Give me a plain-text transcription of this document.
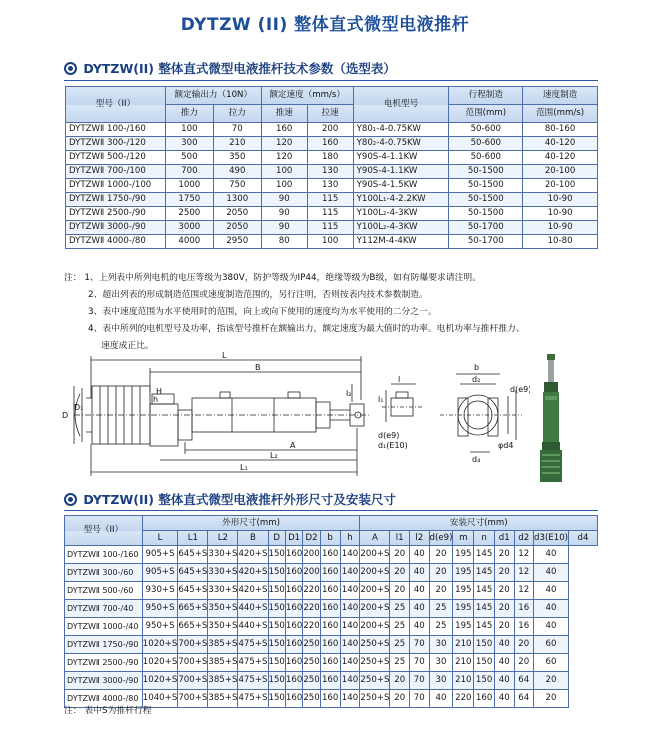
DYTZW (II) 整体直式微型电液推杆
DYTZW(II) 整体直式微型电液推杆技术参数（选型表）
型号（II）	额定输出力（10N）		额定速度（mm/s）		电机型号	行程制造	速度制造
	推力	拉力	推速	拉速		范围(mm)	范围(mm/s)
DYTZWⅡ 100-/160	100	70	160	200	Y80₁-4-0.75KW	50-600	80-160
DYTZWⅡ 300-/120	300	210	120	160	Y80₂-4-0.75KW	50-600	40-120
DYTZWⅡ 500-/120	500	350	120	180	Y90S-4-1.1KW	50-600	40-120
DYTZWⅡ 700-/100	700	490	100	130	Y90S-4-1.1KW	50-1500	20-100
DYTZWⅡ 1000-/100	1000	750	100	130	Y90S-4-1.5KW	50-1500	20-100
DYTZWⅡ 1750-/90	1750	1300	90	115	Y100L₁-4-2.2KW	50-1500	10-90
DYTZWⅡ 2500-/90	2500	2050	90	115	Y100L₂-4-3KW	50-1500	10-90
DYTZWⅡ 3000-/90	3000	2050	90	115	Y100L₂-4-3KW	50-1700	10-90
DYTZWⅡ 4000-/80	4000	2950	80	100	Y112M-4-4KW	50-1700	10-80
注： 1、上列表中所列电机的电压等级为380V，防护等级为IP44，绝缘等级为B级，如有防爆要求请注明。
2、超出列表的形成制造范围或速度制造范围的，另行注明，否则按表内技术参数制造。
3、表中速度范围为水平使用时的范围，向上或向下使用的速度均为水平使用的二分之一。
4、表中所列的电机型号及功率，指该型号推杆在额输出力，额定速度为最大值时的功率。电机功率与推杆推力、
速度成正比。
L
B
H
h
D
D₁
l₂
A
L₂
L₁
l
l₁
d(e9)
d₁(E10)
b
d₂
d₄
d(e9)
φd4
DYTZW(II) 整体直式微型电液推杆外形尺寸及安装尺寸
型号（II）	外形尺寸(mm)									安装尺寸(mm)									
	L	L1	L2	B	D	D1	D2	b	h	A	l1	l2	d(e9)	m	n	d1	d2	d3(E10)	d4
DYTZWⅡ 100-/160	905+S	645+S	330+S	420+S	150	160	200	160	140	200+S	20	40	20	195	145	20	12	40	
DYTZWⅡ 300-/60	905+S	645+S	330+S	420+S	150	160	200	160	140	200+S	20	40	20	195	145	20	12	40	
DYTZWⅡ 500-/60	930+S	645+S	330+S	420+S	150	160	220	160	140	200+S	20	40	20	195	145	20	12	40	
DYTZWⅡ 700-/40	950+S	665+S	350+S	440+S	150	160	220	160	140	200+S	25	40	25	195	145	20	16	40	
DYTZWⅡ 1000-/40	950+S	665+S	350+S	440+S	150	160	220	160	140	200+S	25	40	25	195	145	20	16	40	
DYTZWⅡ 1750-/90	1020+S	700+S	385+S	475+S	150	160	250	160	140	250+S	25	70	30	210	150	40	20	60	
DYTZWⅡ 2500-/90	1020+S	700+S	385+S	475+S	150	160	250	160	140	250+S	25	70	30	210	150	40	20	60	
DYTZWⅡ 3000-/90	1020+S	700+S	385+S	475+S	150	160	250	160	140	250+S	20	70	30	210	150	40	64	20	
DYTZWⅡ 4000-/80	1040+S	700+S	385+S	475+S	150	160	250	160	140	250+S	20	70	40	220	160	40	64	20	
注： 表中S为推杆行程
